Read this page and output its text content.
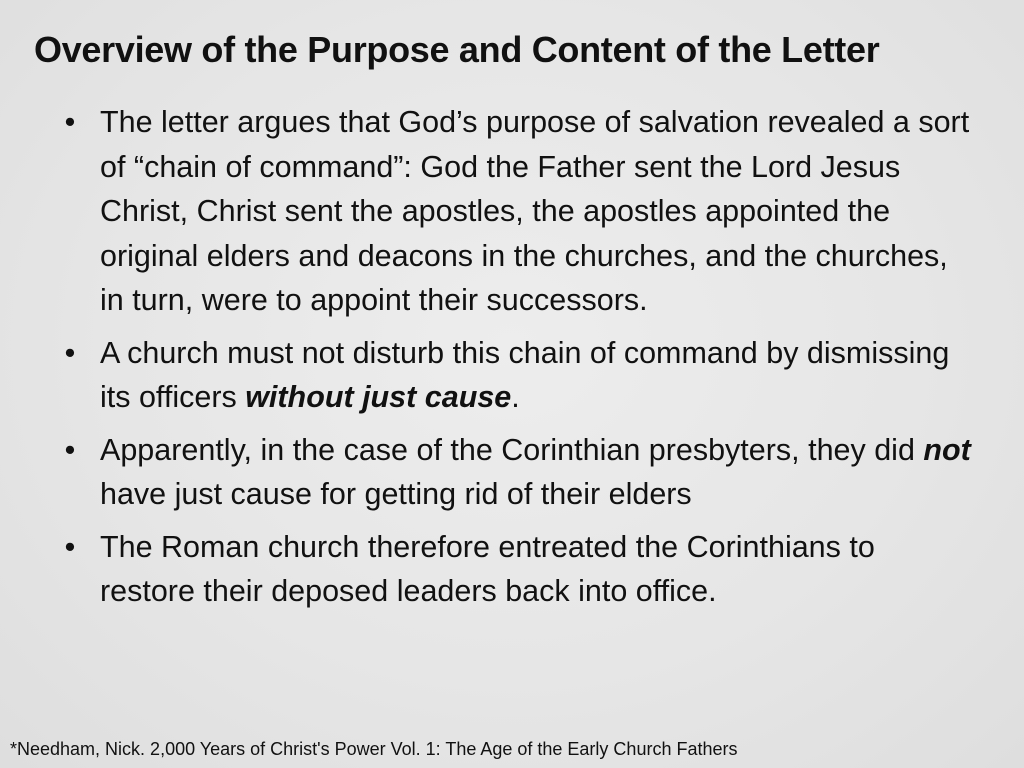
Overview of the Purpose and Content of the Letter
• The letter argues that God’s purpose of salvation revealed a sort of “chain of command”: God the Father sent the Lord Jesus Christ, Christ sent the apostles, the apostles appointed the original elders and deacons in the churches, and the churches, in turn, were to appoint their successors.
• A church must not disturb this chain of command by dismissing its officers without just cause.
• Apparently, in the case of the Corinthian presbyters, they did not have just cause for getting rid of their elders
• The Roman church therefore entreated the Corinthians to restore their deposed leaders back into office.
*Needham, Nick. 2,000 Years of Christ's Power Vol. 1: The Age of the Early Church Fathers
